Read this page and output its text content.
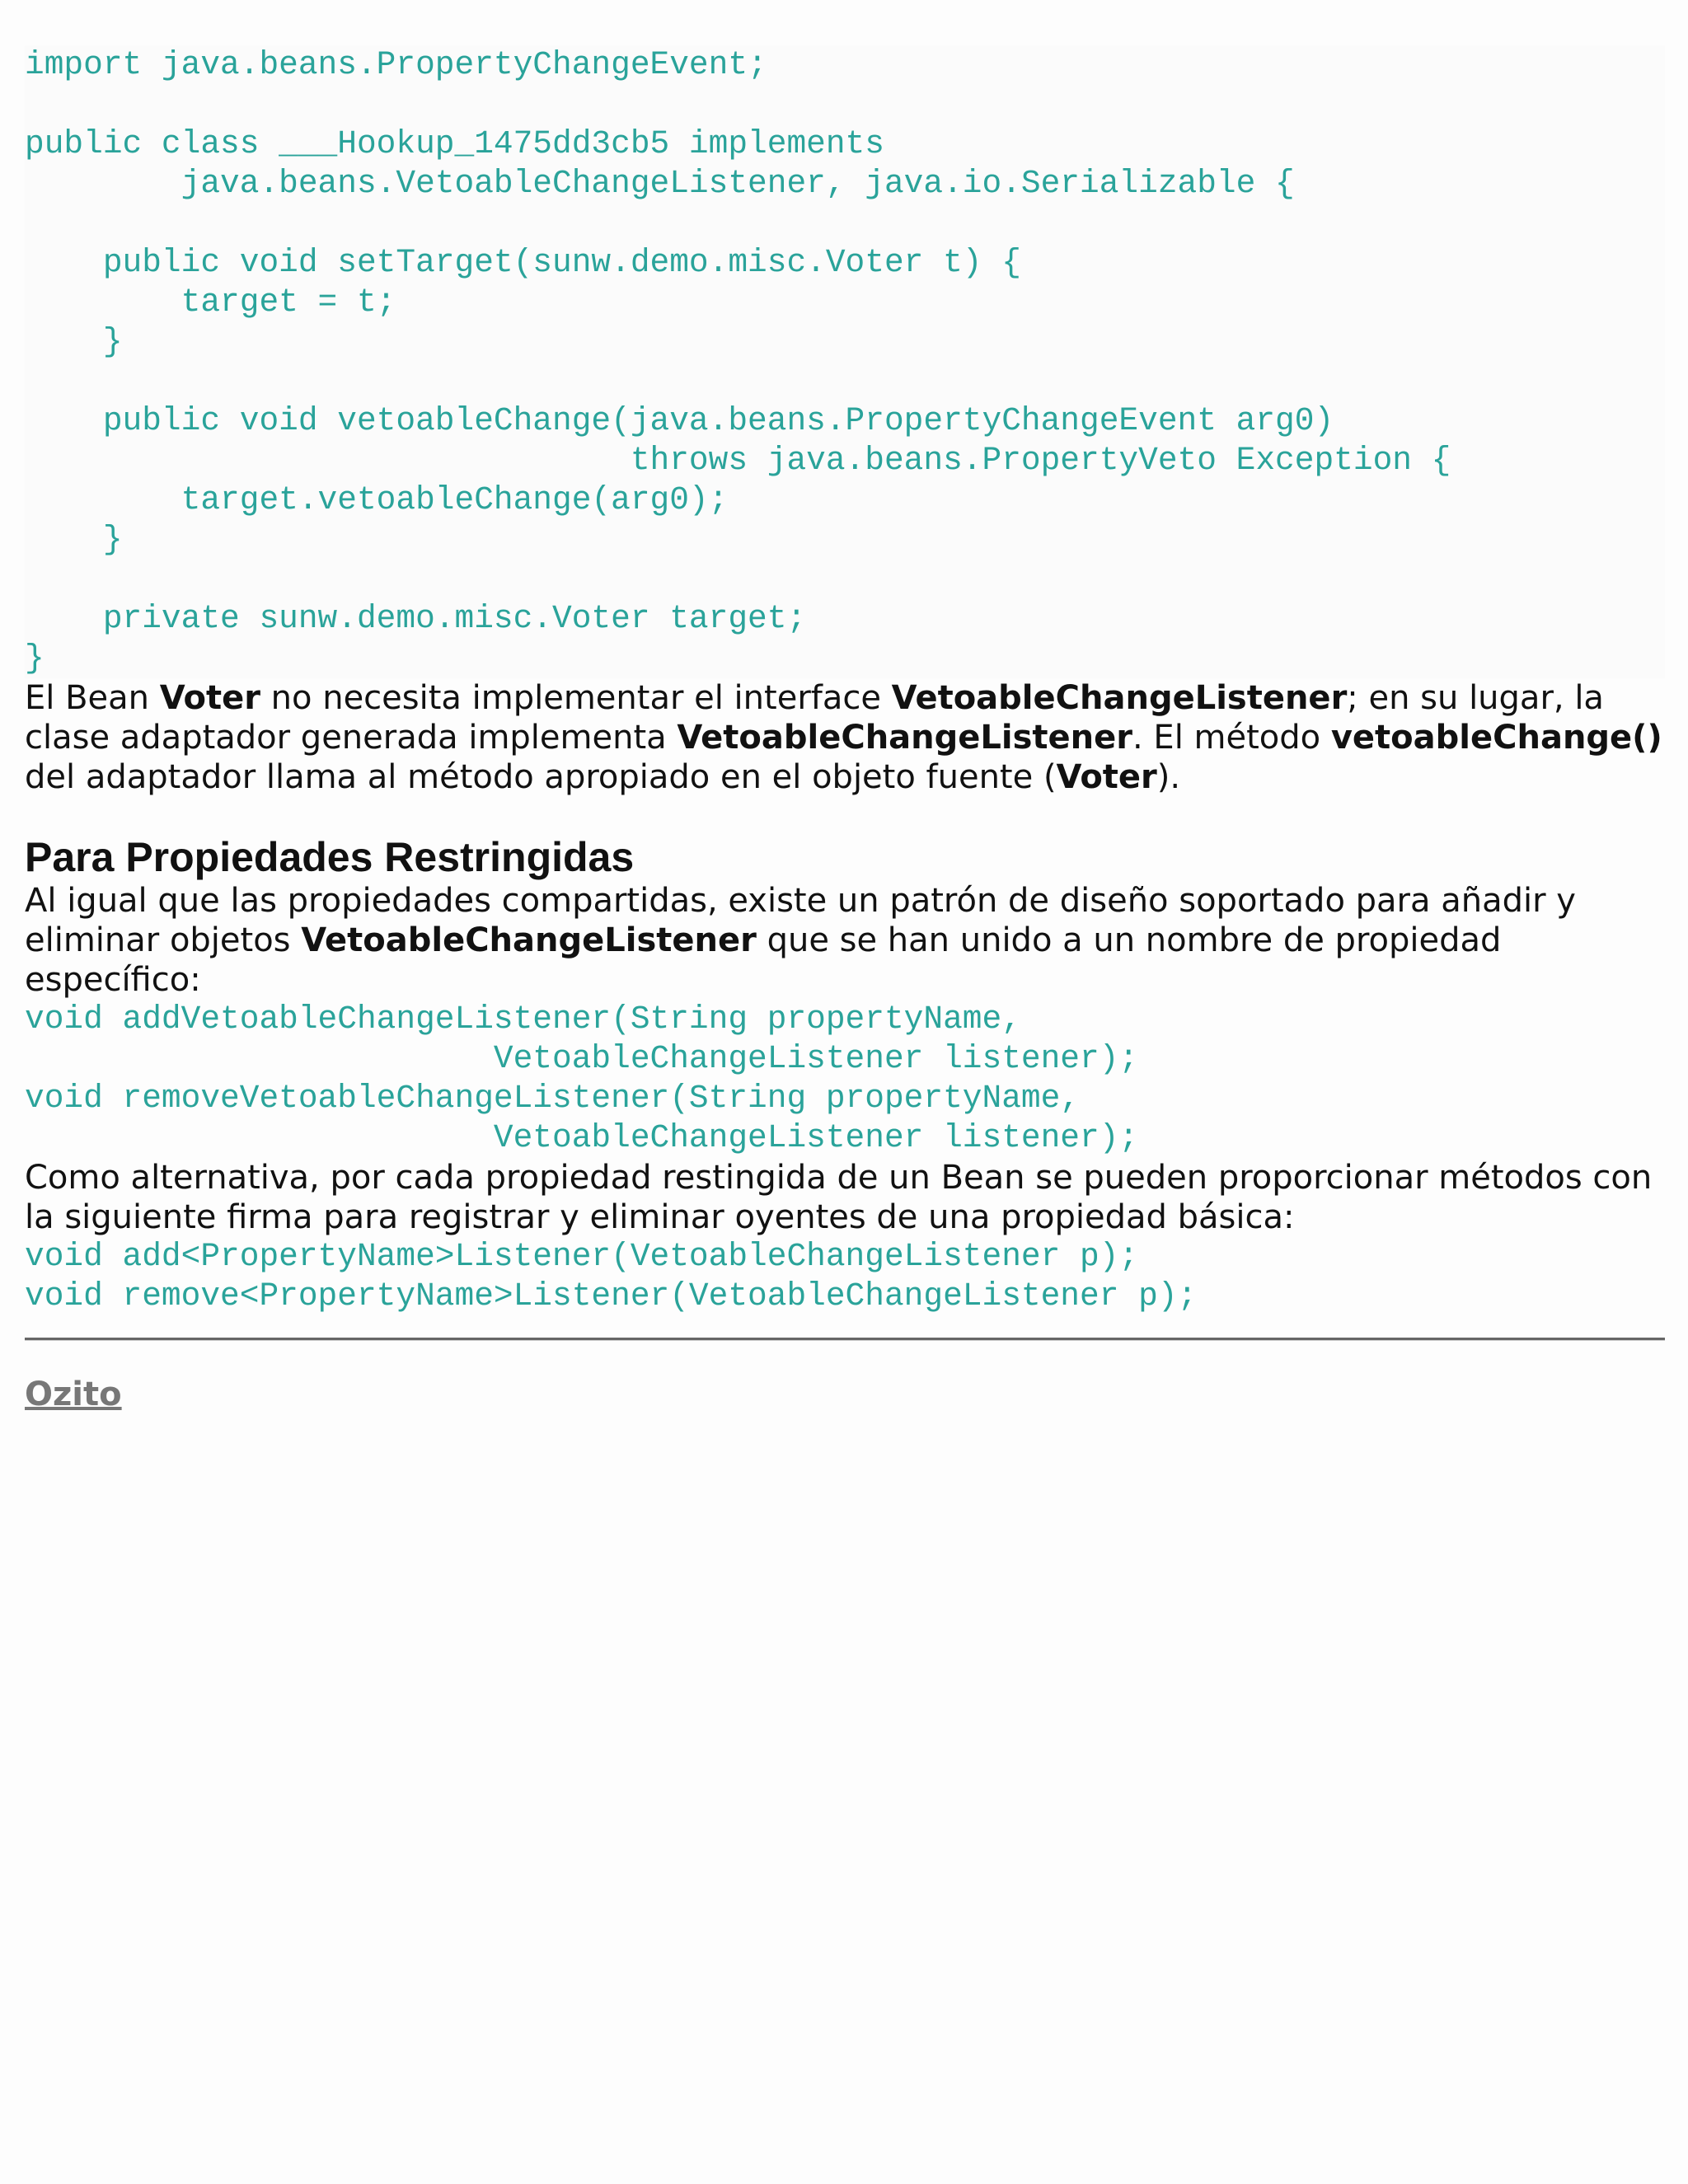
import java.beans.PropertyChangeEvent;

public class ___Hookup_1475dd3cb5 implements
java.beans.VetoableChangeListener, java.io.Serializable {

public void setTarget(sunw.demo.misc.Voter t) {
target = t;
}

public void vetoableChange(java.beans.PropertyChangeEvent arg0)
throws java.beans.PropertyVeto Exception {
target.vetoableChange(arg0);
}

private sunw.demo.misc.Voter target;
}

El Bean Voter no necesita implementar el interface VetoableChangeListener; en su lugar, la clase adaptador generada implementa VetoableChangeListener. El método vetoableChange() del adaptador llama al método apropiado en el objeto fuente (Voter).

Para Propiedades Restringidas

Al igual que las propiedades compartidas, existe un patrón de diseño soportado para añadir y eliminar objetos VetoableChangeListener que se han unido a un nombre de propiedad específico:

void addVetoableChangeListener(String propertyName,
VetoableChangeListener listener);
void removeVetoableChangeListener(String propertyName,
VetoableChangeListener listener);

Como alternativa, por cada propiedad restingida de un Bean se pueden proporcionar métodos con la siguiente firma para registrar y eliminar oyentes de una propiedad básica:

void add<PropertyName>Listener(VetoableChangeListener p);
void remove<PropertyName>Listener(VetoableChangeListener p);
Ozito
